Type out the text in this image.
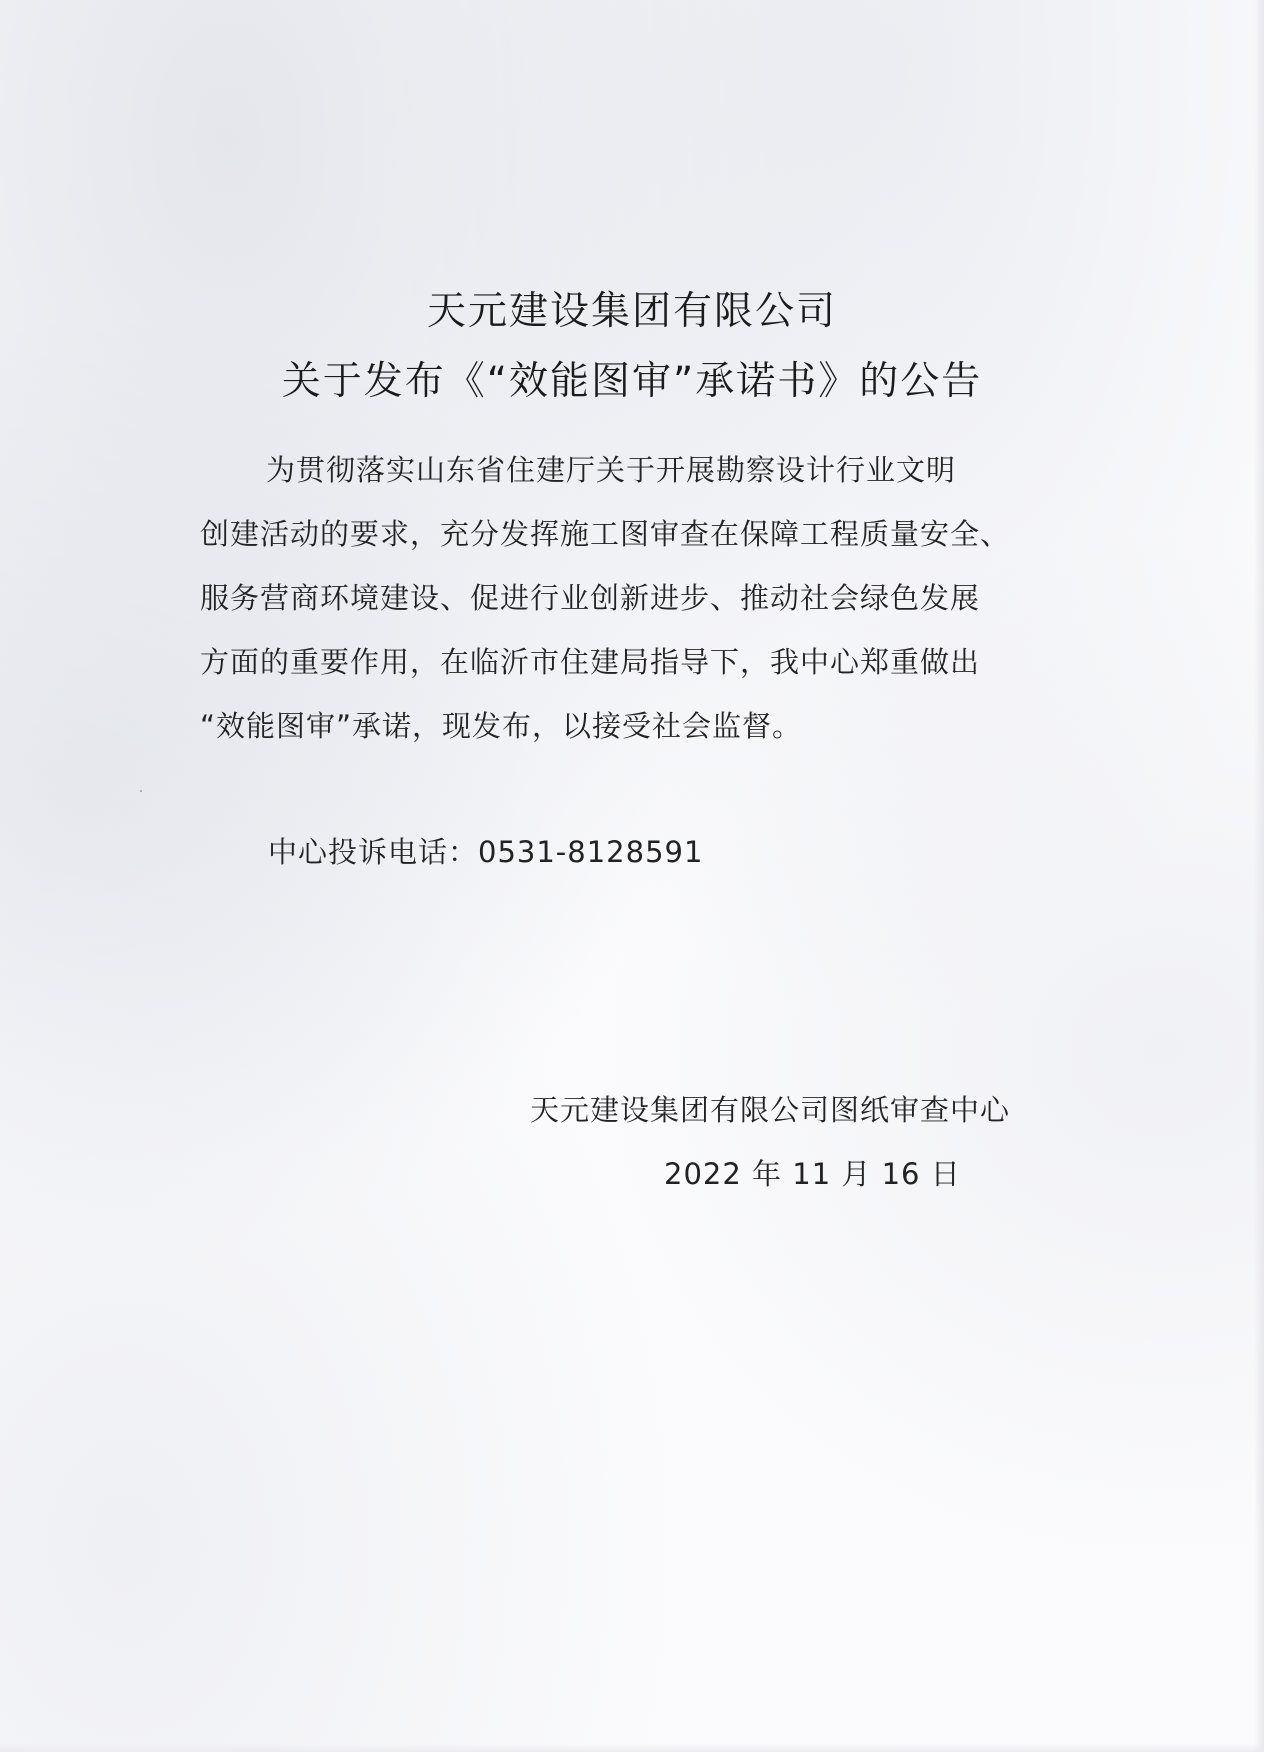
天元建设集团有限公司
关于发布《“效能图审”承诺书》的公告
为贯彻落实山东省住建厅关于开展勘察设计行业文明
创建活动的要求，充分发挥施工图审查在保障工程质量安全、
服务营商环境建设、促进行业创新进步、推动社会绿色发展
方面的重要作用，在临沂市住建局指导下，我中心郑重做出
“效能图审”承诺，现发布，以接受社会监督。
中心投诉电话：0531-8128591
天元建设集团有限公司图纸审查中心
2022 年 11 月 16 日
